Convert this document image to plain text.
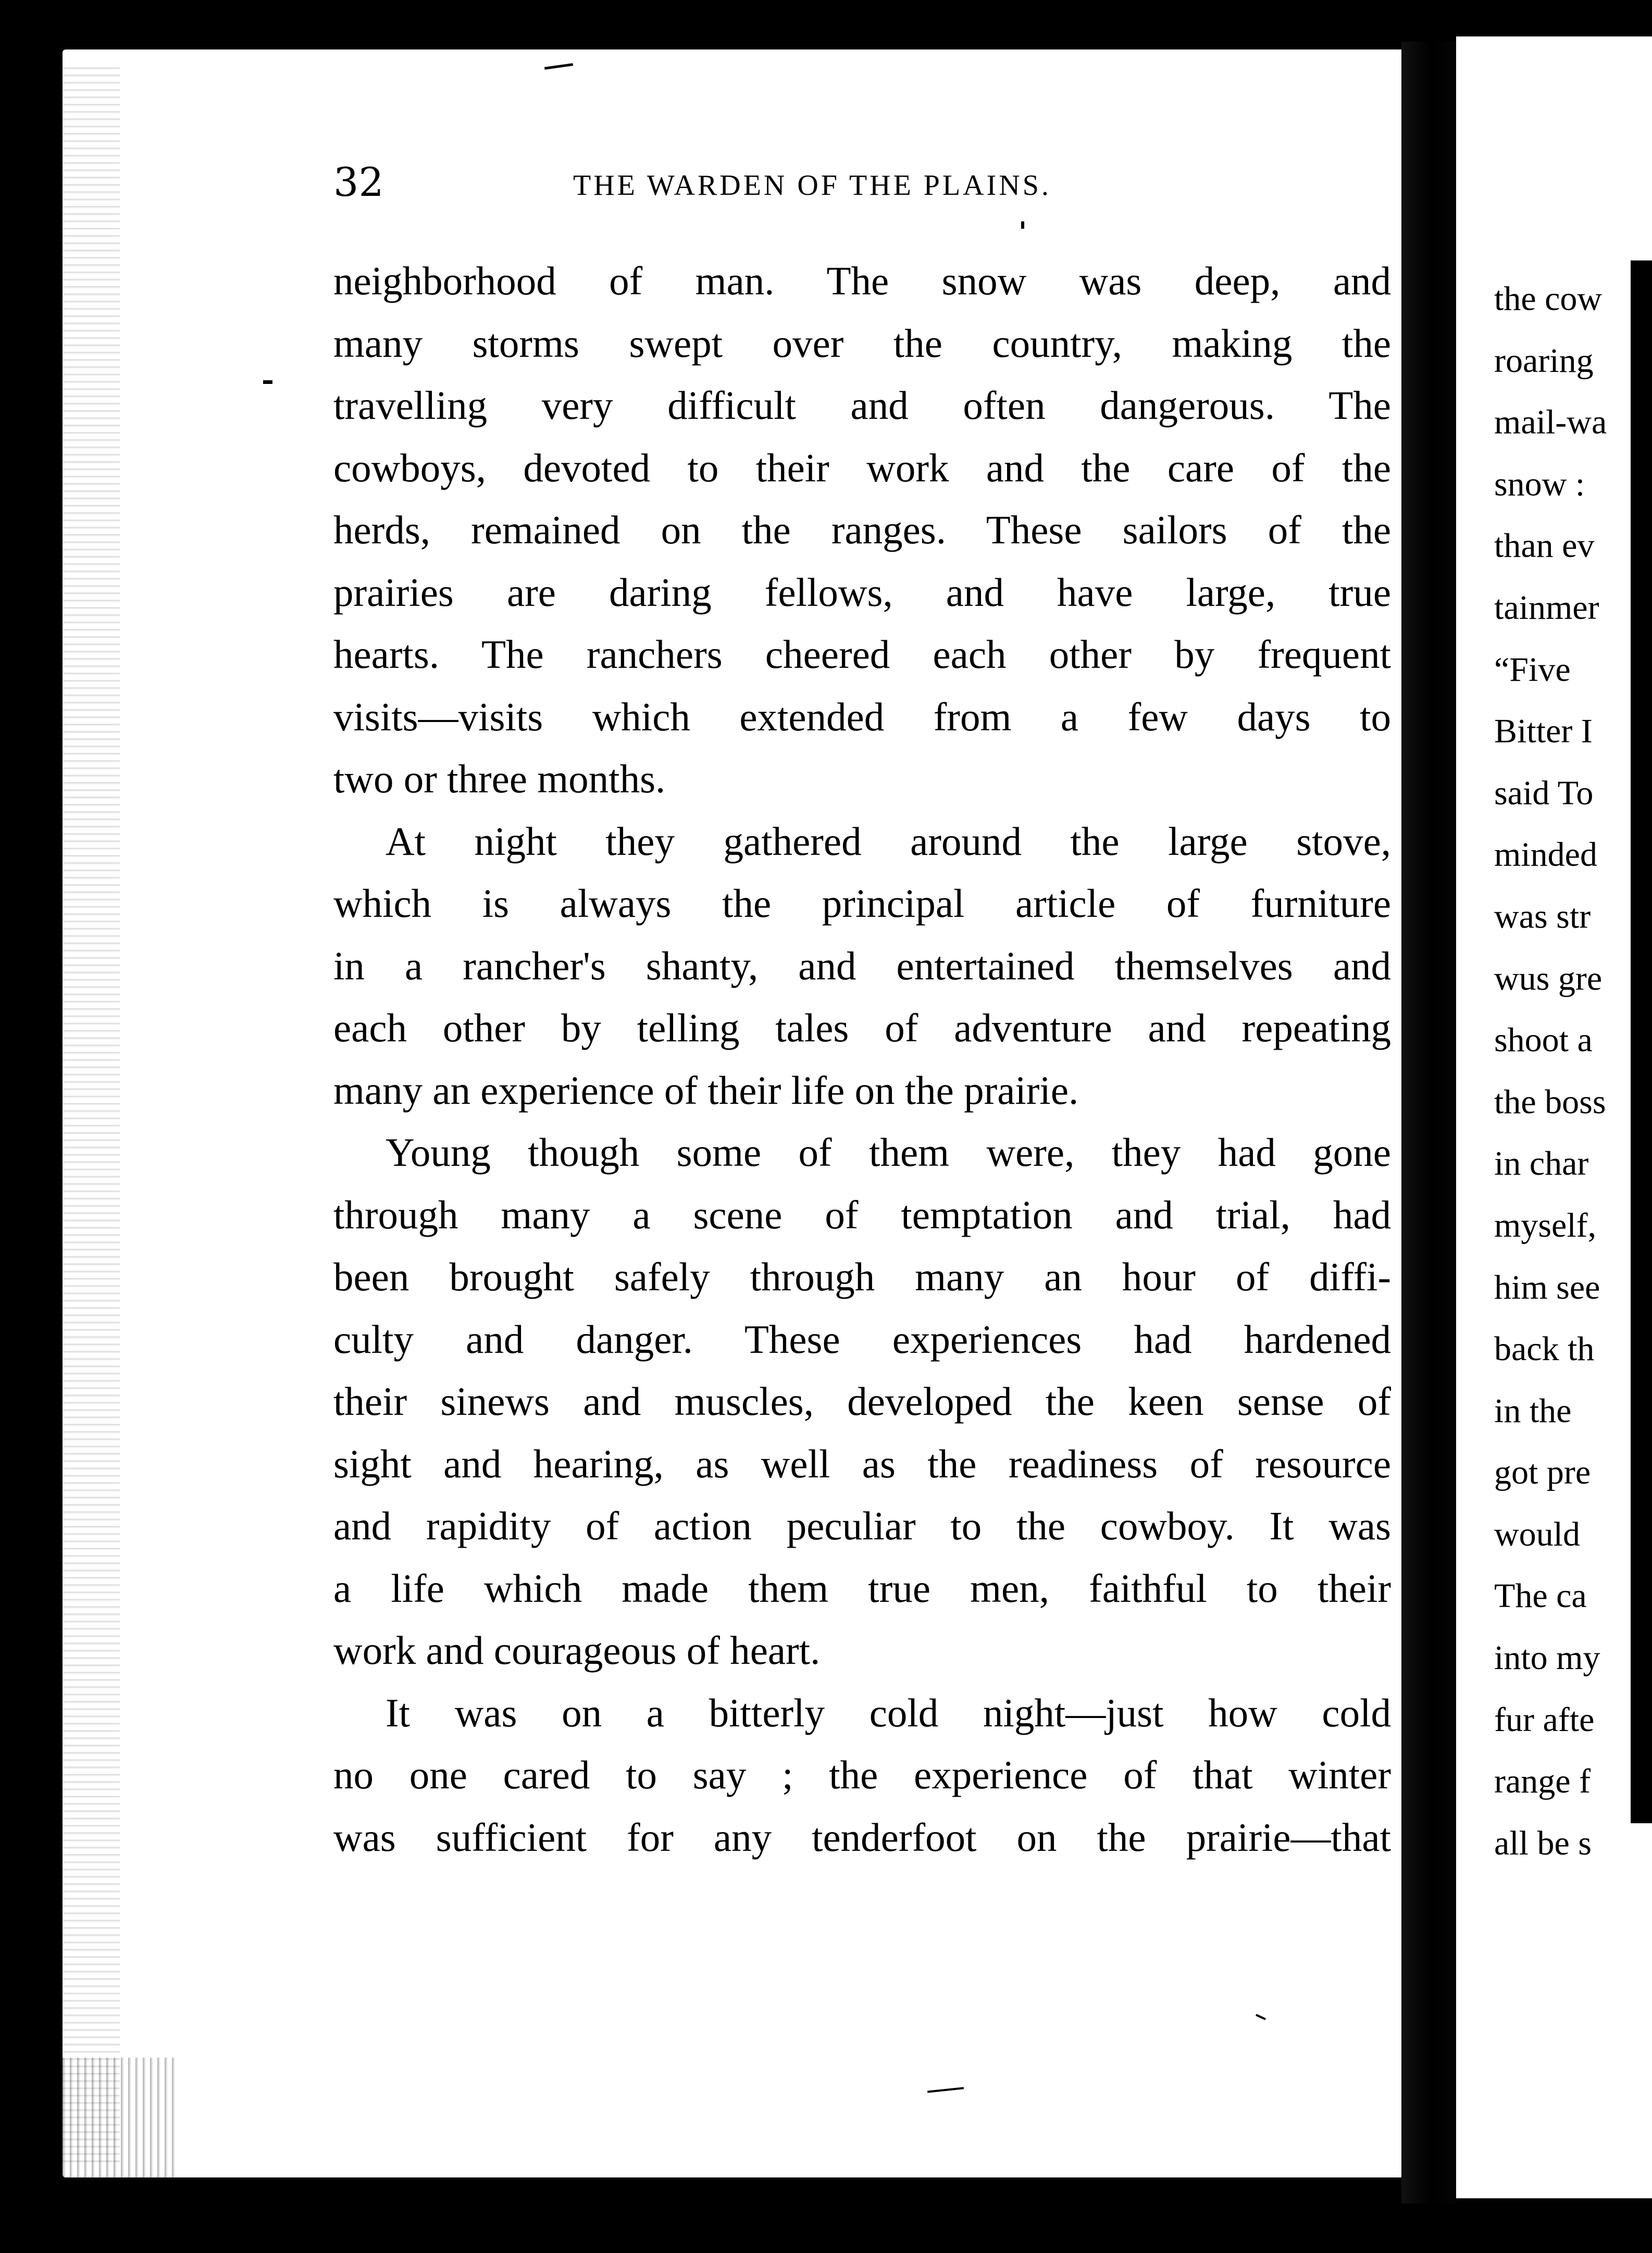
32	THE WARDEN OF THE PLAINS.
neighborhood of man. The snow was deep, and
many storms swept over the country, making the
travelling very difficult and often dangerous. The
cowboys, devoted to their work and the care of the
herds, remained on the ranges. These sailors of the
prairies are daring fellows, and have large, true
hearts. The ranchers cheered each other by frequent
visits—visits which extended from a few days to
two or three months.
At night they gathered around the large stove,
which is always the principal article of furniture
in a rancher's shanty, and entertained themselves and
each other by telling tales of adventure and repeating
many an experience of their life on the prairie.
Young though some of them were, they had gone
through many a scene of temptation and trial, had
been brought safely through many an hour of diffi-
culty and danger. These experiences had hardened
their sinews and muscles, developed the keen sense of
sight and hearing, as well as the readiness of resource
and rapidity of action peculiar to the cowboy. It was
a life which made them true men, faithful to their
work and courageous of heart.
It was on a bitterly cold night—just how cold
no one cared to say ; the experience of that winter
was sufficient for any tenderfoot on the prairie—that
the cow
roaring
mail-wa
snow :
than ev
tainmer
“Five
Bitter I
said To
minded
was str
wus gre
shoot a
the boss
in char
myself,
him see
back th
in the
got pre
would
The ca
into my
fur afte
range f
all be s
